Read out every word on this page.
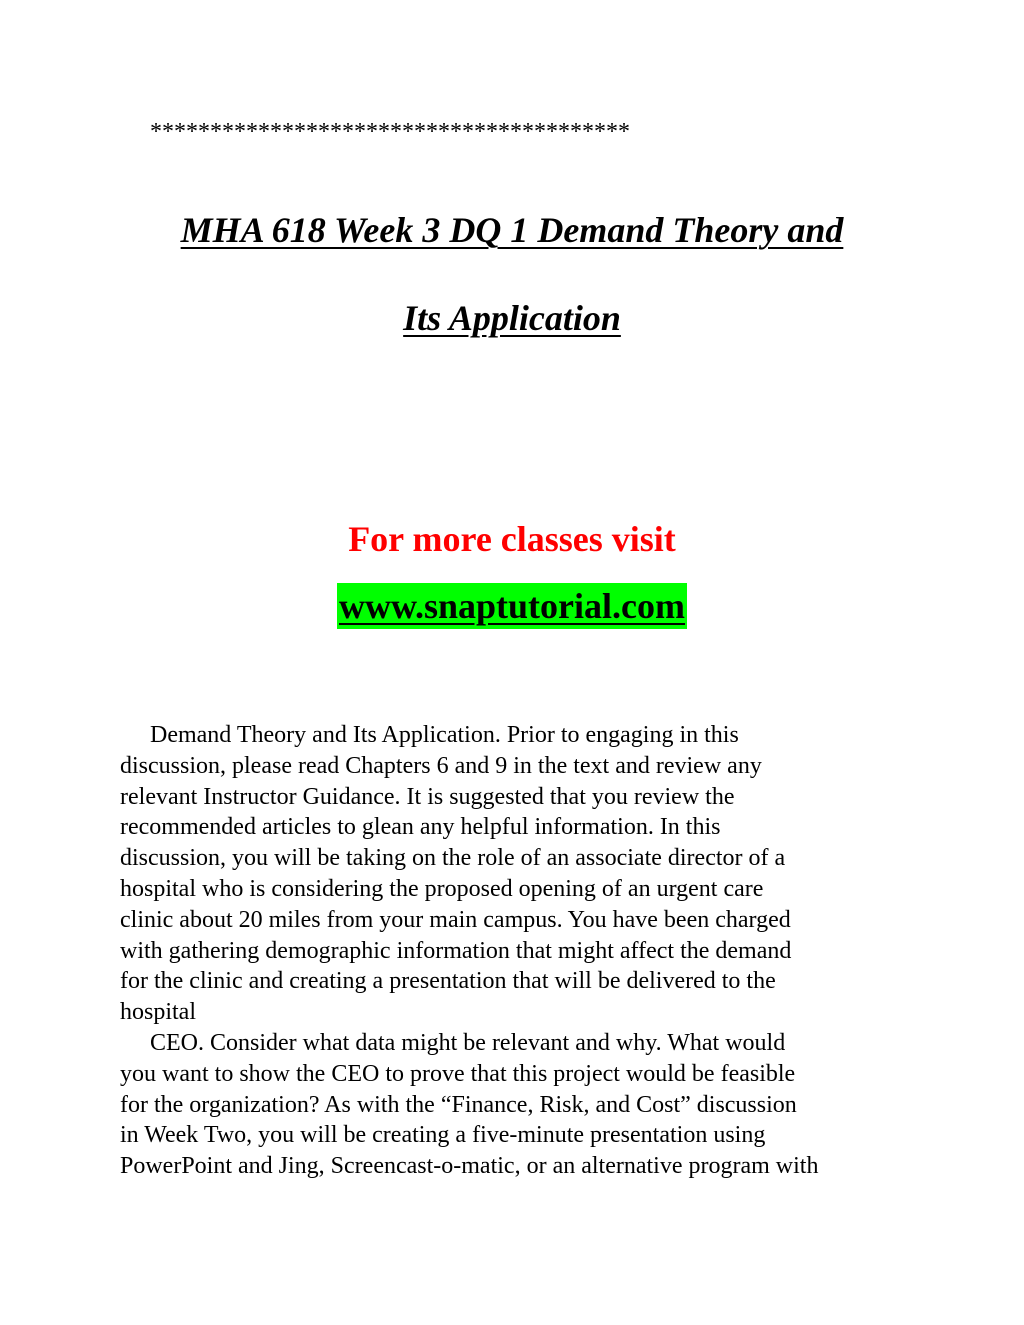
****************************************
MHA 618 Week 3 DQ 1 Demand Theory and
Its Application
For more classes visit
www.snaptutorial.com
Demand Theory and Its Application. Prior to engaging in this
discussion, please read Chapters 6 and 9 in the text and review any
relevant Instructor Guidance. It is suggested that you review the
recommended articles to glean any helpful information. In this
discussion, you will be taking on the role of an associate director of a
hospital who is considering the proposed opening of an urgent care
clinic about 20 miles from your main campus. You have been charged
with gathering demographic information that might affect the demand
for the clinic and creating a presentation that will be delivered to the
hospital
CEO. Consider what data might be relevant and why. What would
you want to show the CEO to prove that this project would be feasible
for the organization? As with the “Finance, Risk, and Cost” discussion
in Week Two, you will be creating a five-minute presentation using
PowerPoint and Jing, Screencast-o-matic, or an alternative program with
